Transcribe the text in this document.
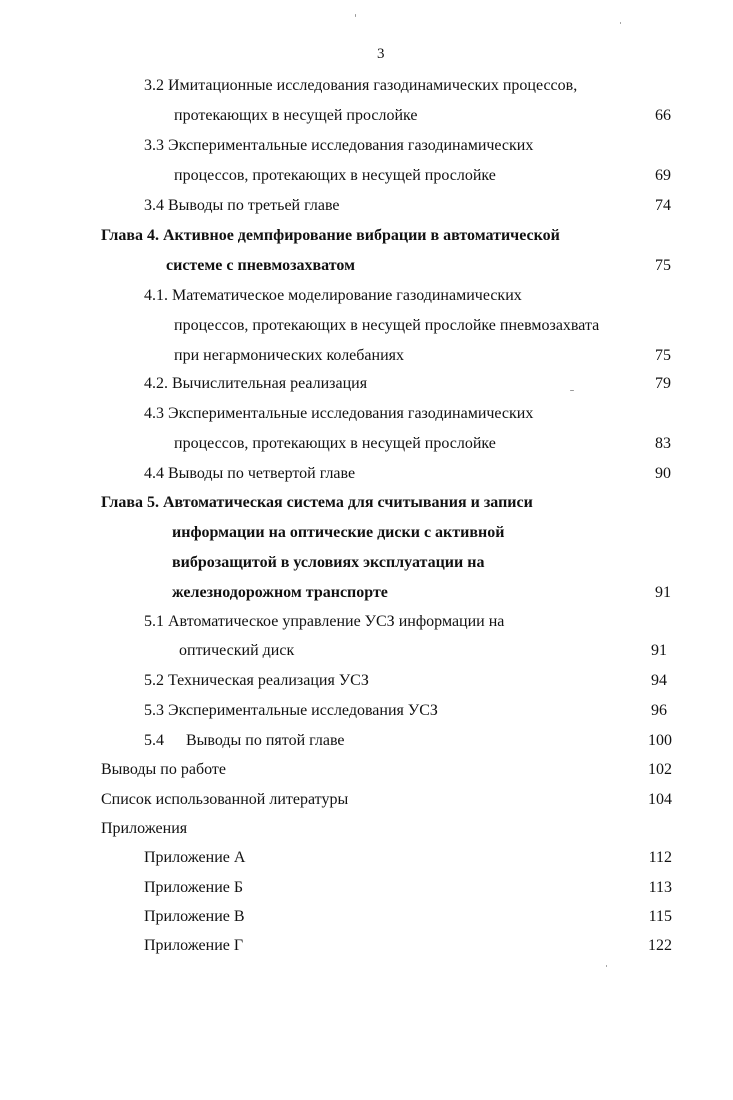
3
3.2 Имитационные исследования газодинамических процессов,
протекающих в несущей прослойке	66
3.3 Экспериментальные исследования газодинамических
процессов, протекающих в несущей прослойке	69
3.4 Выводы по третьей главе	74
Глава 4. Активное демпфирование вибрации в автоматической
системе с пневмозахватом	75
4.1. Математическое моделирование газодинамических
процессов, протекающих в несущей прослойке пневмозахвата
при негармонических колебаниях	75
4.2. Вычислительная реализация	79
4.3 Экспериментальные исследования газодинамических
процессов, протекающих в несущей прослойке	83
4.4 Выводы по четвертой главе	90
Глава 5. Автоматическая система для считывания и записи
информации на оптические диски с активной
виброзащитой в условиях эксплуатации на
железнодорожном транспорте	91
5.1 Автоматическое управление УСЗ информации на
оптический диск	91
5.2 Техническая реализация УСЗ	94
5.3 Экспериментальные исследования УСЗ	96
5.4 Выводы по пятой главе	100
Выводы по работе	102
Список использованной литературы	104
Приложения
Приложение А	112
Приложение Б	113
Приложение В	115
Приложение Г	122
